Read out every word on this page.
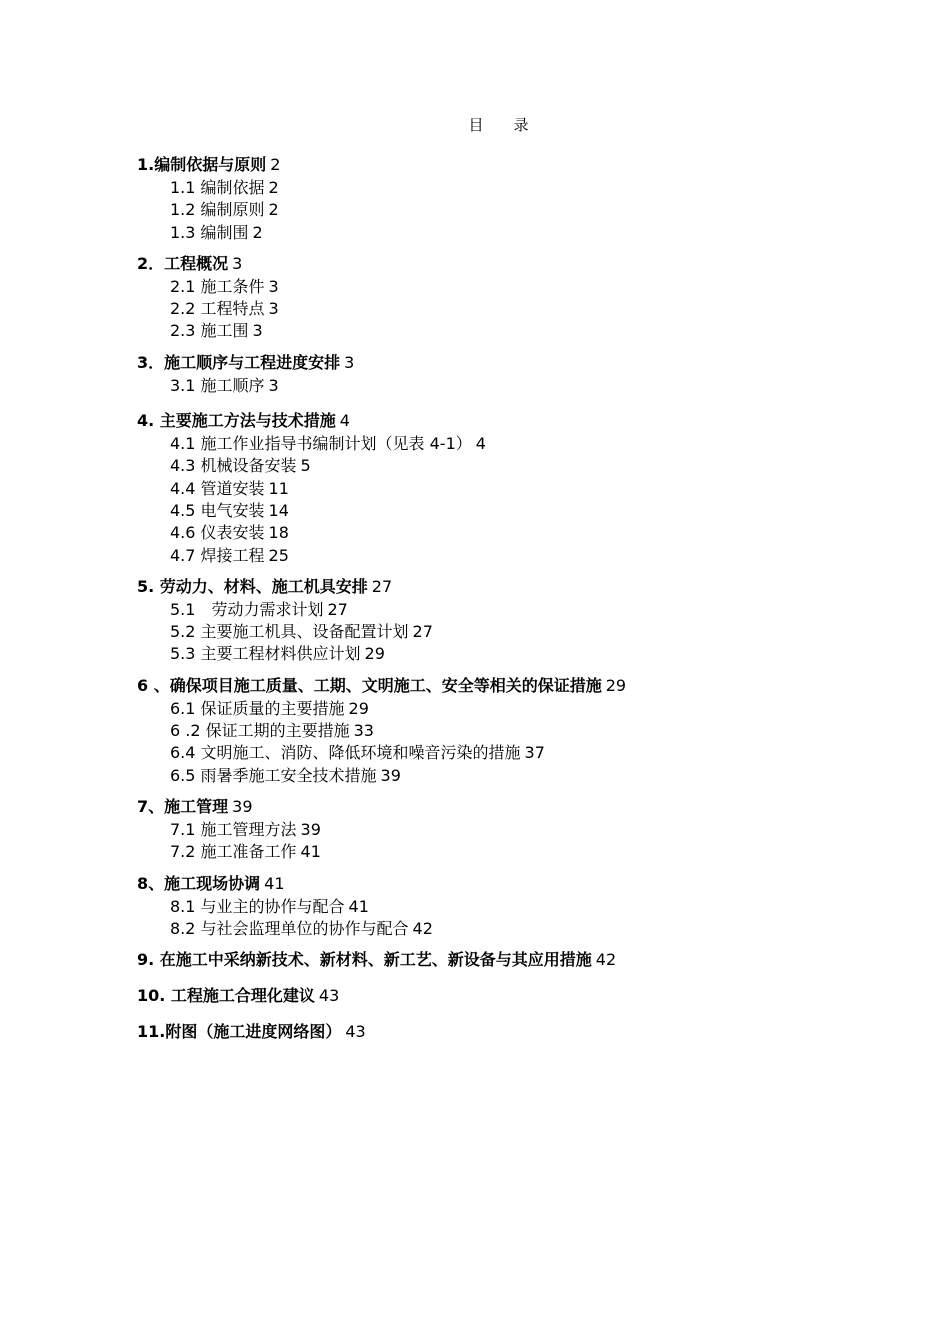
目　　录
1.编制依据与原则 2
1.1 编制依据 2
1.2 编制原则 2
1.3 编制围 2
2．工程概况 3
2.1 施工条件 3
2.2 工程特点 3
2.3 施工围 3
3．施工顺序与工程进度安排 3
3.1 施工顺序 3
4. 主要施工方法与技术措施 4
4.1 施工作业指导书编制计划（见表 4-1） 4
4.3 机械设备安装 5
4.4 管道安装 11
4.5 电气安装 14
4.6 仪表安装 18
4.7 焊接工程 25
5. 劳动力、材料、施工机具安排 27
5.1　劳动力需求计划 27
5.2 主要施工机具、设备配置计划 27
5.3 主要工程材料供应计划 29
6 、确保项目施工质量、工期、文明施工、安全等相关的保证措施 29
6.1 保证质量的主要措施 29
6 .2 保证工期的主要措施 33
6.4 文明施工、消防、降低环境和噪音污染的措施 37
6.5 雨暑季施工安全技术措施 39
7、施工管理 39
7.1 施工管理方法 39
7.2 施工准备工作 41
8、施工现场协调 41
8.1 与业主的协作与配合 41
8.2 与社会监理单位的协作与配合 42
9. 在施工中采纳新技术、新材料、新工艺、新设备与其应用措施 42
10. 工程施工合理化建议 43
11.附图（施工进度网络图） 43
